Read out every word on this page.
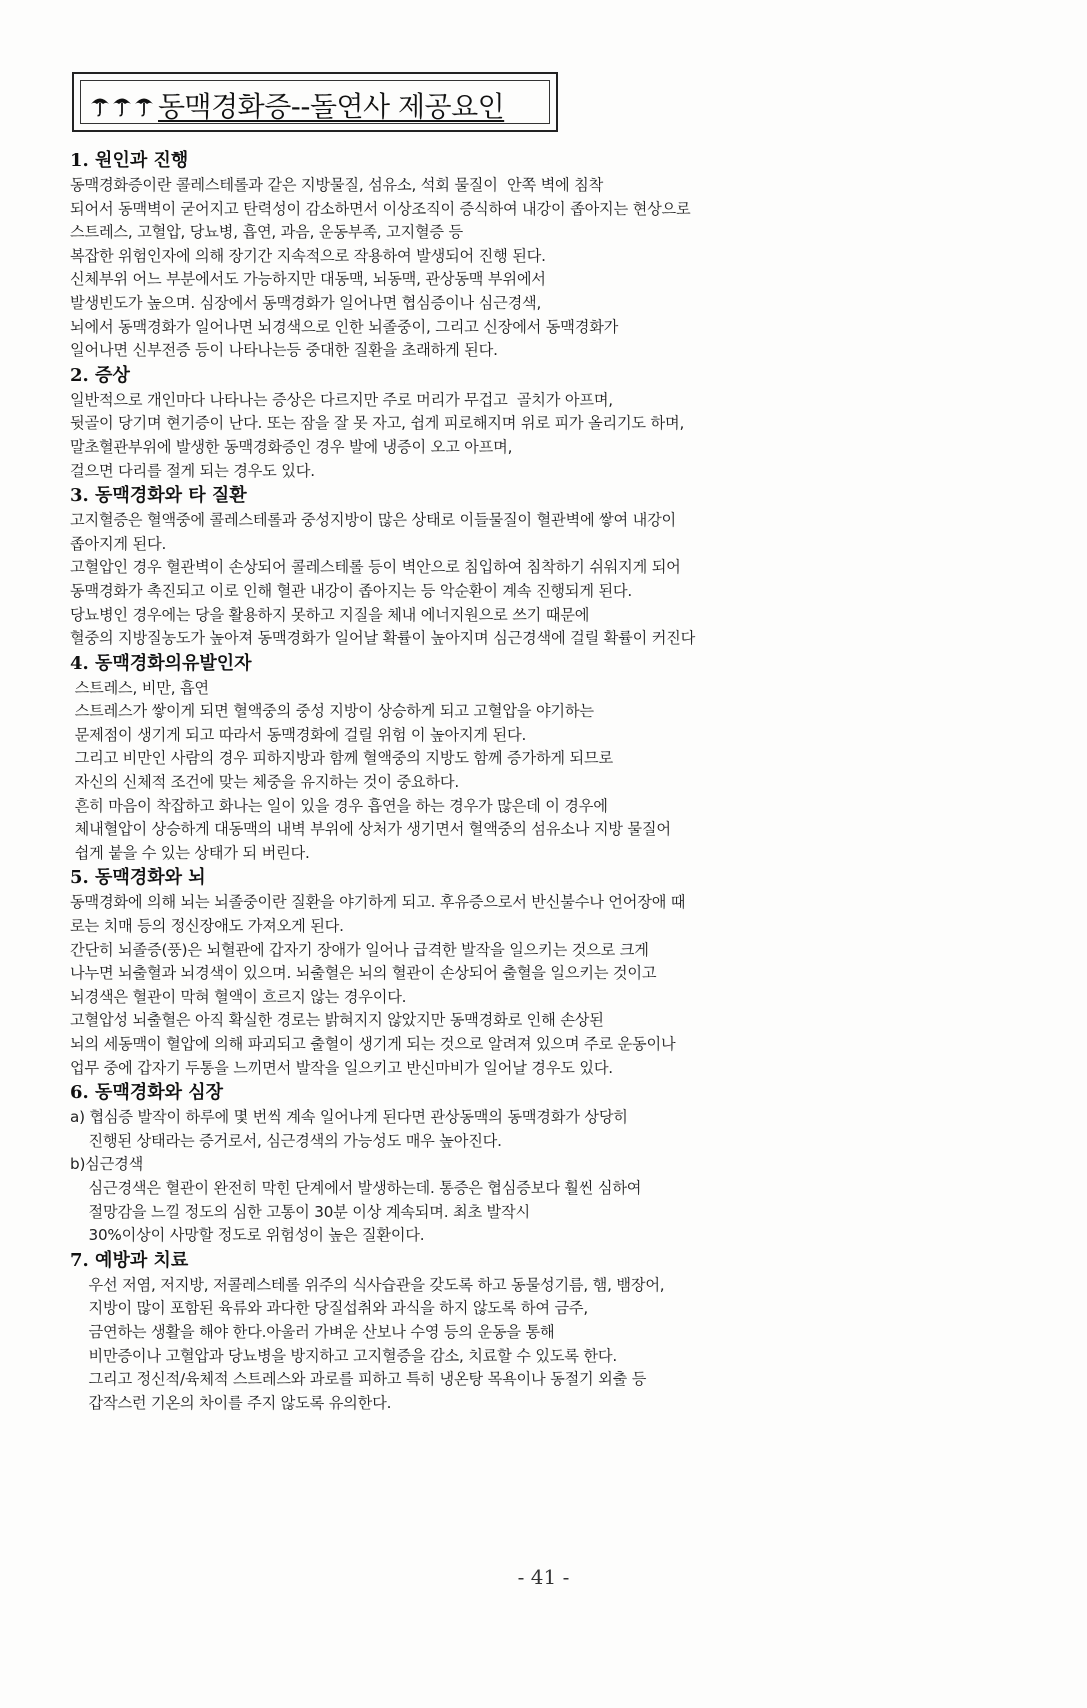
동맥경화증--돌연사 제공요인
1. 원인과 진행
동맥경화증이란 콜레스테롤과 같은 지방물질, 섬유소, 석회 물질이  안쪽 벽에 침착
되어서 동맥벽이 굳어지고 탄력성이 감소하면서 이상조직이 증식하여 내강이 좁아지는 현상으로
스트레스, 고혈압, 당뇨병, 흡연, 과음, 운동부족, 고지혈증 등
복잡한 위험인자에 의해 장기간 지속적으로 작용하여 발생되어 진행 된다.
신체부위 어느 부분에서도 가능하지만 대동맥, 뇌동맥, 관상동맥 부위에서
발생빈도가 높으며. 심장에서 동맥경화가 일어나면 협심증이나 심근경색,
뇌에서 동맥경화가 일어나면 뇌경색으로 인한 뇌졸중이, 그리고 신장에서 동맥경화가
일어나면 신부전증 등이 나타나는등 중대한 질환을 초래하게 된다.
2. 증상
일반적으로 개인마다 나타나는 증상은 다르지만 주로 머리가 무겁고  골치가 아프며,
뒷골이 당기며 현기증이 난다. 또는 잠을 잘 못 자고, 쉽게 피로해지며 위로 피가 올리기도 하며,
말초혈관부위에 발생한 동맥경화증인 경우 발에 냉증이 오고 아프며,
걸으면 다리를 절게 되는 경우도 있다.
3. 동맥경화와 타 질환
고지혈증은 혈액중에 콜레스테롤과 중성지방이 많은 상태로 이들물질이 혈관벽에 쌓여 내강이
좁아지게 된다.
고혈압인 경우 혈관벽이 손상되어 콜레스테롤 등이 벽안으로 침입하여 침착하기 쉬워지게 되어
동맥경화가 촉진되고 이로 인해 혈관 내강이 좁아지는 등 악순환이 계속 진행되게 된다.
당뇨병인 경우에는 당을 활용하지 못하고 지질을 체내 에너지원으로 쓰기 때문에
혈중의 지방질농도가 높아져 동맥경화가 일어날 확률이 높아지며 심근경색에 걸릴 확률이 커진다
4. 동맥경화의유발인자
스트레스, 비만, 흡연
스트레스가 쌓이게 되면 혈액중의 중성 지방이 상승하게 되고 고혈압을 야기하는
문제점이 생기게 되고 따라서 동맥경화에 걸릴 위험 이 높아지게 된다.
그리고 비만인 사람의 경우 피하지방과 함께 혈액중의 지방도 함께 증가하게 되므로
자신의 신체적 조건에 맞는 체중을 유지하는 것이 중요하다.
흔히 마음이 착잡하고 화나는 일이 있을 경우 흡연을 하는 경우가 많은데 이 경우에
체내혈압이 상승하게 대동맥의 내벽 부위에 상처가 생기면서 혈액중의 섬유소나 지방 물질어
쉽게 붙을 수 있는 상태가 되 버린다.
5. 동맥경화와 뇌
동맥경화에 의해 뇌는 뇌졸중이란 질환을 야기하게 되고. 후유증으로서 반신불수나 언어장애 때
로는 치매 등의 정신장애도 가져오게 된다.
간단히 뇌졸증(풍)은 뇌혈관에 갑자기 장애가 일어나 급격한 발작을 일으키는 것으로 크게
나누면 뇌출혈과 뇌경색이 있으며. 뇌출혈은 뇌의 혈관이 손상되어 출혈을 일으키는 것이고
뇌경색은 혈관이 막혀 혈액이 흐르지 않는 경우이다.
고혈압성 뇌출혈은 아직 확실한 경로는 밝혀지지 않았지만 동맥경화로 인해 손상된
뇌의 세동맥이 혈압에 의해 파괴되고 출혈이 생기게 되는 것으로 알려져 있으며 주로 운동이나
업무 중에 갑자기 두통을 느끼면서 발작을 일으키고 반신마비가 일어날 경우도 있다.
6. 동맥경화와 심장
a) 협심증 발작이 하루에 몇 번씩 계속 일어나게 된다면 관상동맥의 동맥경화가 상당히
진행된 상태라는 증거로서, 심근경색의 가능성도 매우 높아진다.
b)심근경색
심근경색은 혈관이 완전히 막힌 단계에서 발생하는데. 통증은 협심증보다 훨씬 심하여
절망감을 느낄 정도의 심한 고통이 30분 이상 계속되며. 최초 발작시
30%이상이 사망할 정도로 위험성이 높은 질환이다.
7. 예방과 치료
우선 저염, 저지방, 저콜레스테롤 위주의 식사습관을 갖도록 하고 동물성기름, 햄, 뱀장어,
지방이 많이 포함된 육류와 과다한 당질섭취와 과식을 하지 않도록 하여 금주,
금연하는 생활을 해야 한다.아울러 가벼운 산보나 수영 등의 운동을 통해
비만증이나 고혈압과 당뇨병을 방지하고 고지혈증을 감소, 치료할 수 있도록 한다.
그리고 정신적/육체적 스트레스와 과로를 피하고 특히 냉온탕 목욕이나 동절기 외출 등
갑작스런 기온의 차이를 주지 않도록 유의한다.
- 41 -
